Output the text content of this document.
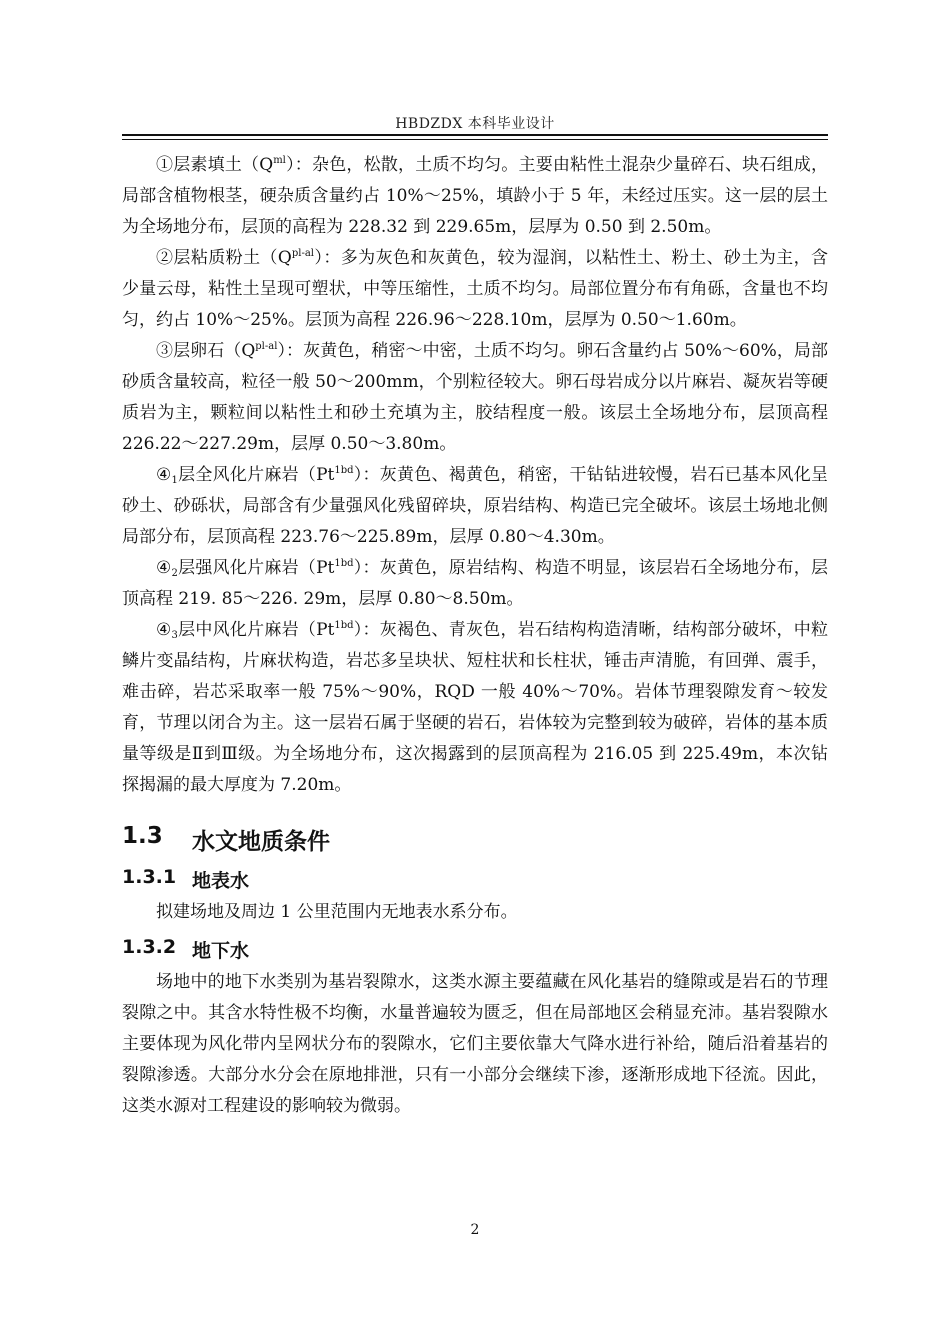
HBDZDX 本科毕业设计

①层素填土$(Q^{ml})$：杂色，松散，土质不均匀。主要由粘性土混杂少量碎石、块石组成，局部含植物根茎，硬杂质含量约占 10%～25%，填龄小于 5 年，未经过压实。这一层的层土为全场地分布，层顶的高程为 228.32 到 229.65m，层厚为 0.50 到 2.50m。

②层粘质粉土$(Q^{pl-al})$：多为灰色和灰黄色，较为湿润，以粘性土、粉土、砂土为主，含少量云母，粘性土呈现可塑状，中等压缩性，土质不均匀。局部位置分布有角砾，含量也不均匀，约占 10%～25%。层顶为高程 226.96～228.10m，层厚为 0.50～1.60m。

③层卵石$(Q^{pl-al})$：灰黄色，稍密～中密，土质不均匀。卵石含量约占 50%～60%，局部砂质含量较高，粒径一般 50～200mm，个别粒径较大。卵石母岩成分以片麻岩、凝灰岩等硬质岩为主，颗粒间以粘性土和砂土充填为主，胶结程度一般。该层土全场地分布，层顶高程 226.22～227.29m，层厚 0.50～3.80m。

$④_1$层全风化片麻岩$(Pt^{1bd})$：灰黄色、褐黄色，稍密，干钻钻进较慢，岩石已基本风化呈砂土、砂砾状，局部含有少量强风化残留碎块，原岩结构、构造已完全破坏。该层土场地北侧局部分布，层顶高程 223.76～225.89m，层厚 0.80～4.30m。

$④_2$层强风化片麻岩$(Pt^{1bd})$：灰黄色，原岩结构、构造不明显，该层岩石全场地分布，层顶高程 219. 85～226. 29m，层厚 0.80～8.50m。

$④_3$层中风化片麻岩$(Pt^{1bd})$：灰褐色、青灰色，岩石结构构造清晰，结构部分破坏，中粒鳞片变晶结构，片麻状构造，岩芯多呈块状、短柱状和长柱状，锤击声清脆，有回弹、震手，难击碎，岩芯采取率一般 75%～90%，RQD 一般 40%～70%。岩体节理裂隙发育～较发育，节理以闭合为主。这一层岩石属于坚硬的岩石，岩体较为完整到较为破碎，岩体的基本质量等级是Ⅱ到Ⅲ级。为全场地分布，这次揭露到的层顶高程为 216.05 到 225.49m，本次钻探揭漏的最大厚度为 7.20m。

1.3	水文地质条件
1.3.1 地表水

拟建场地及周边 1 公里范围内无地表水系分布。

1.3.2 地下水

场地中的地下水类别为基岩裂隙水，这类水源主要蕴藏在风化基岩的缝隙或是岩石的节理裂隙之中。其含水特性极不均衡，水量普遍较为匮乏，但在局部地区会稍显充沛。基岩裂隙水主要体现为风化带内呈网状分布的裂隙水，它们主要依靠大气降水进行补给，随后沿着基岩的裂隙渗透。大部分水分会在原地排泄，只有一小部分会继续下渗，逐渐形成地下径流。因此，这类水源对工程建设的影响较为微弱。

2
